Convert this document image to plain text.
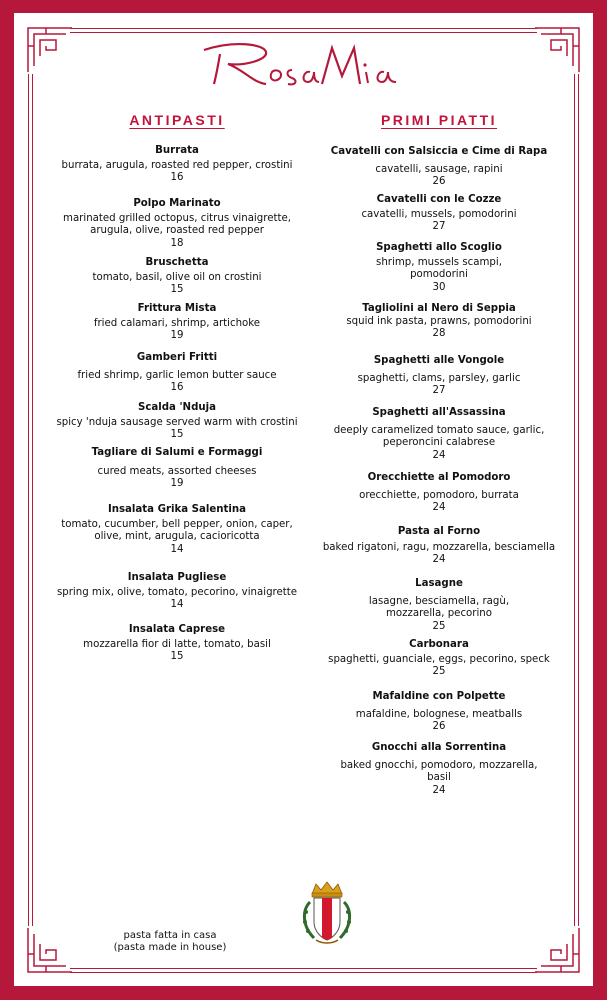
ANTIPASTI
Burrata
burrata, arugula, roasted red pepper, crostini
16
Polpo Marinato
marinated grilled octopus, citrus vinaigrette, arugula, olive, roasted red pepper
18
Bruschetta
tomato, basil, olive oil on crostini
15
Frittura Mista
fried calamari, shrimp, artichoke
19
Gamberi Fritti
fried shrimp, garlic lemon butter sauce
16
Scalda 'Nduja
spicy 'nduja sausage served warm with crostini
15
Tagliare di Salumi e Formaggi
cured meats, assorted cheeses
19
Insalata Grika Salentina
tomato, cucumber, bell pepper, onion, caper, olive, mint, arugula, cacioricotta
14
Insalata Pugliese
spring mix, olive, tomato, pecorino, vinaigrette
14
Insalata Caprese
mozzarella fior di latte, tomato, basil
15
PRIMI PIATTI
Cavatelli con Salsiccia e Cime di Rapa
cavatelli, sausage, rapini
26
Cavatelli con le Cozze
cavatelli, mussels, pomodorini
27
Spaghetti allo Scoglio
shrimp, mussels scampi, pomodorini
30
Tagliolini al Nero di Seppia
squid ink pasta, prawns, pomodorini
28
Spaghetti alle Vongole
spaghetti, clams, parsley, garlic
27
Spaghetti all'Assassina
deeply caramelized tomato sauce, garlic, peperoncini calabrese
24
Orecchiette al Pomodoro
orecchiette, pomodoro, burrata
24
Pasta al Forno
baked rigatoni, ragu, mozzarella, besciamella
24
Lasagne
lasagne, besciamella, ragù, mozzarella, pecorino
25
Carbonara
spaghetti, guanciale, eggs, pecorino, speck
25
Mafaldine con Polpette
mafaldine, bolognese, meatballs
26
Gnocchi alla Sorrentina
baked gnocchi, pomodoro, mozzarella, basil
24
pasta fatta in casa
(pasta made in house)
